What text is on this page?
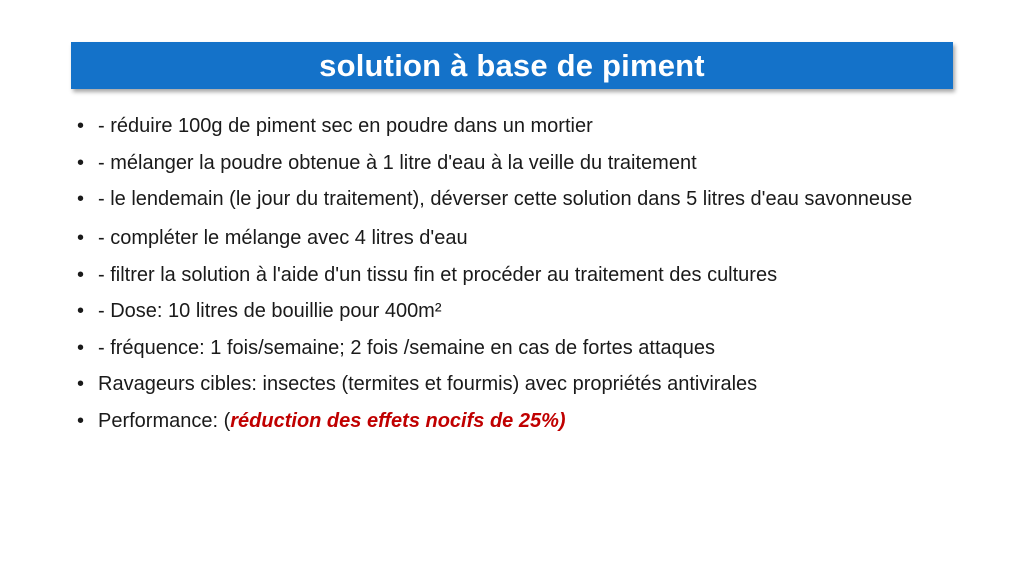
solution à base de piment
• - réduire 100g de piment sec en poudre dans un mortier
• - mélanger la poudre obtenue à 1 litre d'eau à la veille du traitement
• - le lendemain (le jour du traitement), déverser cette solution dans 5 litres d'eau savonneuse
• - compléter le mélange avec 4 litres d'eau
• - filtrer la solution à l'aide d'un tissu fin et procéder au traitement des cultures
• - Dose: 10 litres de bouillie pour 400m²
• - fréquence: 1 fois/semaine; 2 fois /semaine en cas de fortes attaques
• Ravageurs cibles: insectes (termites et fourmis) avec propriétés antivirales
• Performance: (réduction des effets nocifs de 25%)
